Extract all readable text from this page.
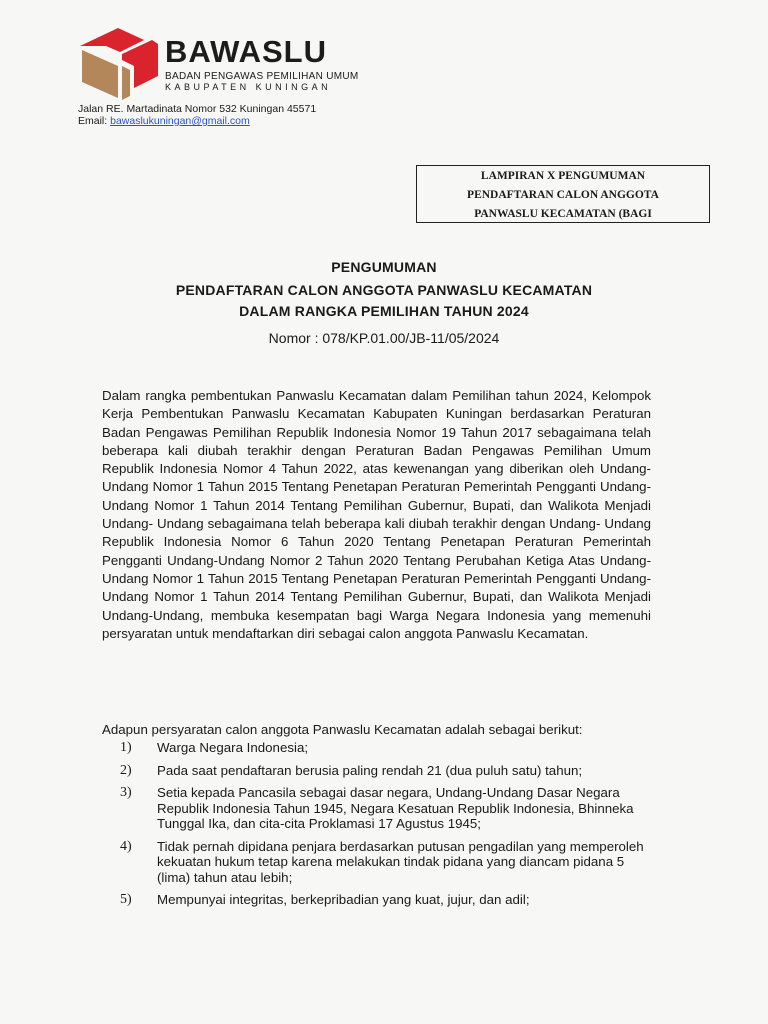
BAWASLU
BADAN PENGAWAS PEMILIHAN UMUM
KABUPATEN KUNINGAN
Jalan RE. Martadinata Nomor 532 Kuningan 45571
Email: bawaslukuningan@gmail.com
LAMPIRAN X PENGUMUMAN
PENDAFTARAN CALON ANGGOTA
PANWASLU KECAMATAN (BAGI
PENGUMUMAN
PENDAFTARAN CALON ANGGOTA PANWASLU KECAMATAN
DALAM RANGKA PEMILIHAN TAHUN 2024
Nomor : 078/KP.01.00/JB-11/05/2024
Dalam rangka pembentukan Panwaslu Kecamatan dalam Pemilihan tahun 2024, Kelompok Kerja Pembentukan Panwaslu Kecamatan Kabupaten Kuningan berdasarkan Peraturan Badan Pengawas Pemilihan Republik Indonesia Nomor 19 Tahun 2017 sebagaimana telah beberapa kali diubah terakhir dengan Peraturan Badan Pengawas Pemilihan Umum Republik Indonesia Nomor 4 Tahun 2022, atas kewenangan yang diberikan oleh Undang-Undang Nomor 1 Tahun 2015 Tentang Penetapan Peraturan Pemerintah Pengganti Undang-Undang Nomor 1 Tahun 2014 Tentang Pemilihan Gubernur, Bupati, dan Walikota Menjadi Undang- Undang sebagaimana telah beberapa kali diubah terakhir dengan Undang- Undang Republik Indonesia Nomor 6 Tahun 2020 Tentang Penetapan Peraturan Pemerintah Pengganti Undang-Undang Nomor 2 Tahun 2020 Tentang Perubahan Ketiga Atas Undang-Undang Nomor 1 Tahun 2015 Tentang Penetapan Peraturan Pemerintah Pengganti Undang-Undang Nomor 1 Tahun 2014 Tentang Pemilihan Gubernur, Bupati, dan Walikota Menjadi Undang-Undang, membuka kesempatan bagi Warga Negara Indonesia yang memenuhi persyaratan untuk mendaftarkan diri sebagai calon anggota Panwaslu Kecamatan.
Adapun persyaratan calon anggota Panwaslu Kecamatan adalah sebagai berikut:
1) Warga Negara Indonesia;
2) Pada saat pendaftaran berusia paling rendah 21 (dua puluh satu) tahun;
3) Setia kepada Pancasila sebagai dasar negara, Undang-Undang Dasar Negara Republik Indonesia Tahun 1945, Negara Kesatuan Republik Indonesia, Bhinneka Tunggal Ika, dan cita-cita Proklamasi 17 Agustus 1945;
4) Tidak pernah dipidana penjara berdasarkan putusan pengadilan yang memperoleh kekuatan hukum tetap karena melakukan tindak pidana yang diancam pidana 5 (lima) tahun atau lebih;
5) Mempunyai integritas, berkepribadian yang kuat, jujur, dan adil;
